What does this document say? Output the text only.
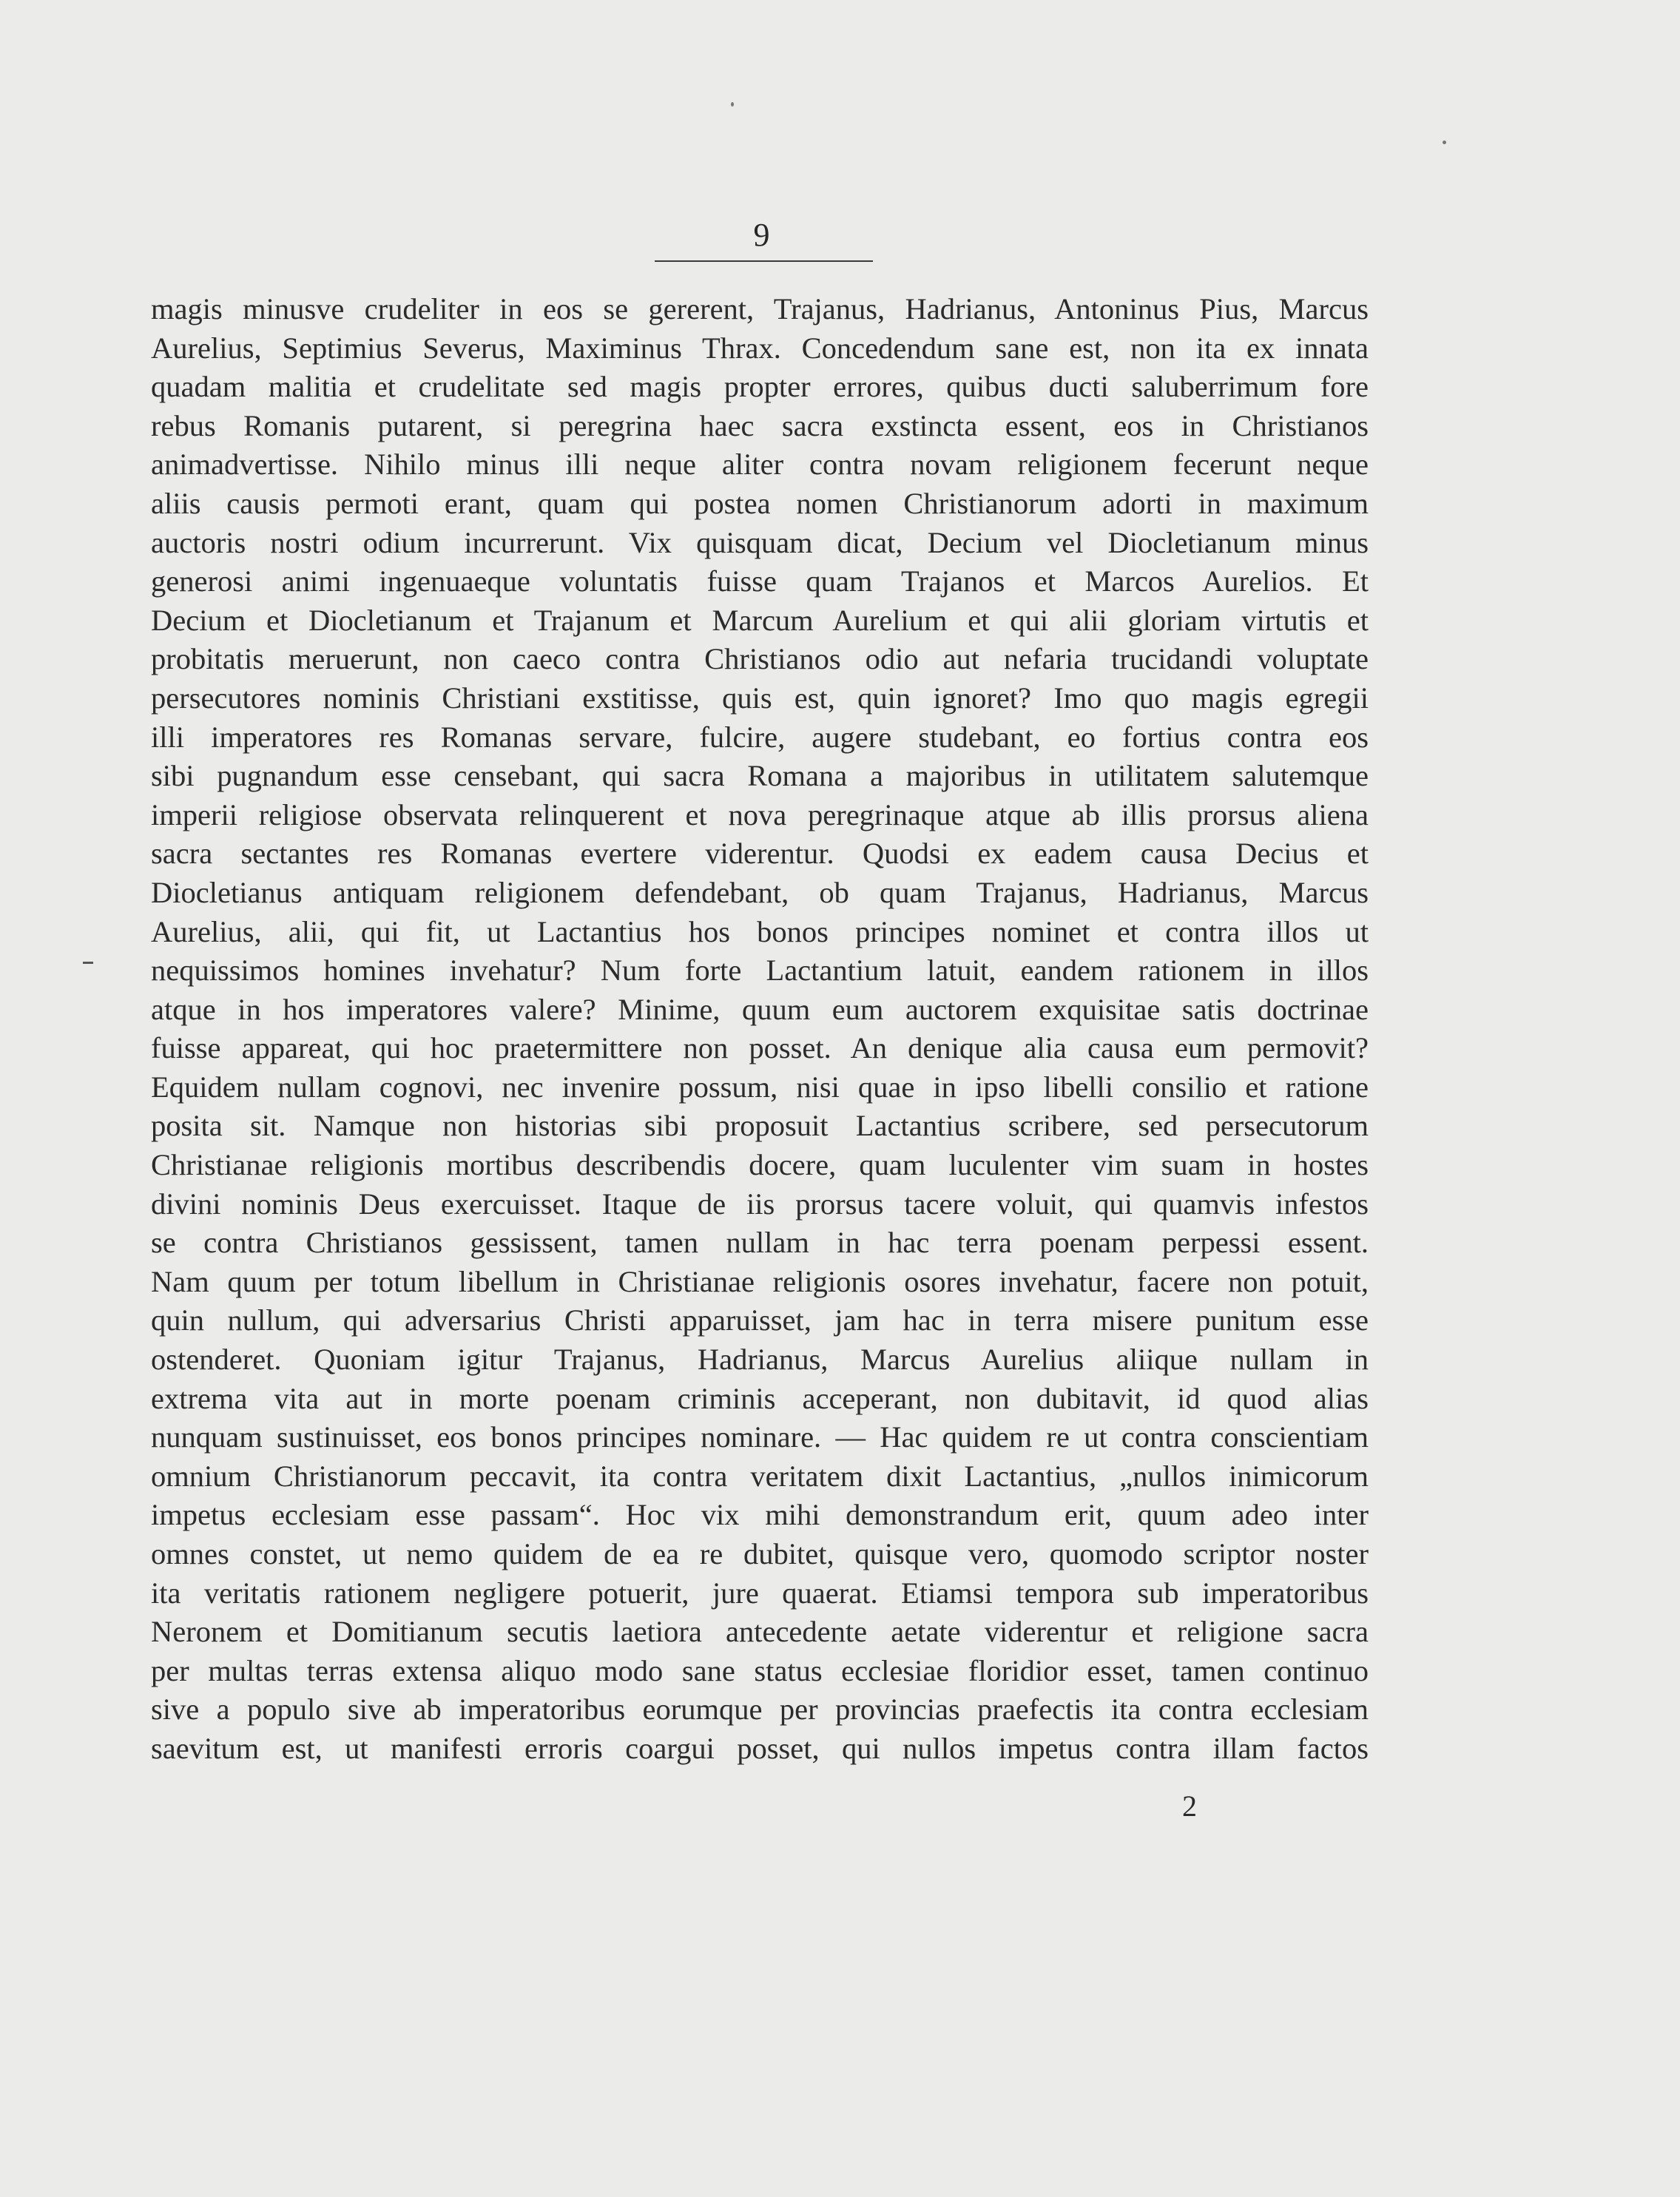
9
magis minusve crudeliter in eos se gererent, Trajanus, Hadrianus, Antoninus Pius, Marcus
Aurelius, Septimius Severus, Maximinus Thrax. Concedendum sane est, non ita ex innata
quadam malitia et crudelitate sed magis propter errores, quibus ducti saluberrimum fore
rebus Romanis putarent, si peregrina haec sacra exstincta essent, eos in Christianos
animadvertisse. Nihilo minus illi neque aliter contra novam religionem fecerunt neque
aliis causis permoti erant, quam qui postea nomen Christianorum adorti in maximum
auctoris nostri odium incurrerunt. Vix quisquam dicat, Decium vel Diocletianum minus
generosi animi ingenuaeque voluntatis fuisse quam Trajanos et Marcos Aurelios. Et
Decium et Diocletianum et Trajanum et Marcum Aurelium et qui alii gloriam virtutis et
probitatis meruerunt, non caeco contra Christianos odio aut nefaria trucidandi voluptate
persecutores nominis Christiani exstitisse, quis est, quin ignoret? Imo quo magis egregii
illi imperatores res Romanas servare, fulcire, augere studebant, eo fortius contra eos
sibi pugnandum esse censebant, qui sacra Romana a majoribus in utilitatem salutemque
imperii religiose observata relinquerent et nova peregrinaque atque ab illis prorsus aliena
sacra sectantes res Romanas evertere viderentur. Quodsi ex eadem causa Decius et
Diocletianus antiquam religionem defendebant, ob quam Trajanus, Hadrianus, Marcus
Aurelius, alii, qui fit, ut Lactantius hos bonos principes nominet et contra illos ut
nequissimos homines invehatur? Num forte Lactantium latuit, eandem rationem in illos
atque in hos imperatores valere? Minime, quum eum auctorem exquisitae satis doctrinae
fuisse appareat, qui hoc praetermittere non posset. An denique alia causa eum permovit?
Equidem nullam cognovi, nec invenire possum, nisi quae in ipso libelli consilio et ratione
posita sit. Namque non historias sibi proposuit Lactantius scribere, sed persecutorum
Christianae religionis mortibus describendis docere, quam luculenter vim suam in hostes
divini nominis Deus exercuisset. Itaque de iis prorsus tacere voluit, qui quamvis infestos
se contra Christianos gessissent, tamen nullam in hac terra poenam perpessi essent.
Nam quum per totum libellum in Christianae religionis osores invehatur, facere non potuit,
quin nullum, qui adversarius Christi apparuisset, jam hac in terra misere punitum esse
ostenderet. Quoniam igitur Trajanus, Hadrianus, Marcus Aurelius aliique nullam in
extrema vita aut in morte poenam criminis acceperant, non dubitavit, id quod alias
nunquam sustinuisset, eos bonos principes nominare. — Hac quidem re ut contra conscientiam
omnium Christianorum peccavit, ita contra veritatem dixit Lactantius, „nullos inimicorum
impetus ecclesiam esse passam“. Hoc vix mihi demonstrandum erit, quum adeo inter
omnes constet, ut nemo quidem de ea re dubitet, quisque vero, quomodo scriptor noster
ita veritatis rationem negligere potuerit, jure quaerat. Etiamsi tempora sub imperatoribus
Neronem et Domitianum secutis laetiora antecedente aetate viderentur et religione sacra
per multas terras extensa aliquo modo sane status ecclesiae floridior esset, tamen continuo
sive a populo sive ab imperatoribus eorumque per provincias praefectis ita contra ecclesiam
saevitum est, ut manifesti erroris coargui posset, qui nullos impetus contra illam factos
2
